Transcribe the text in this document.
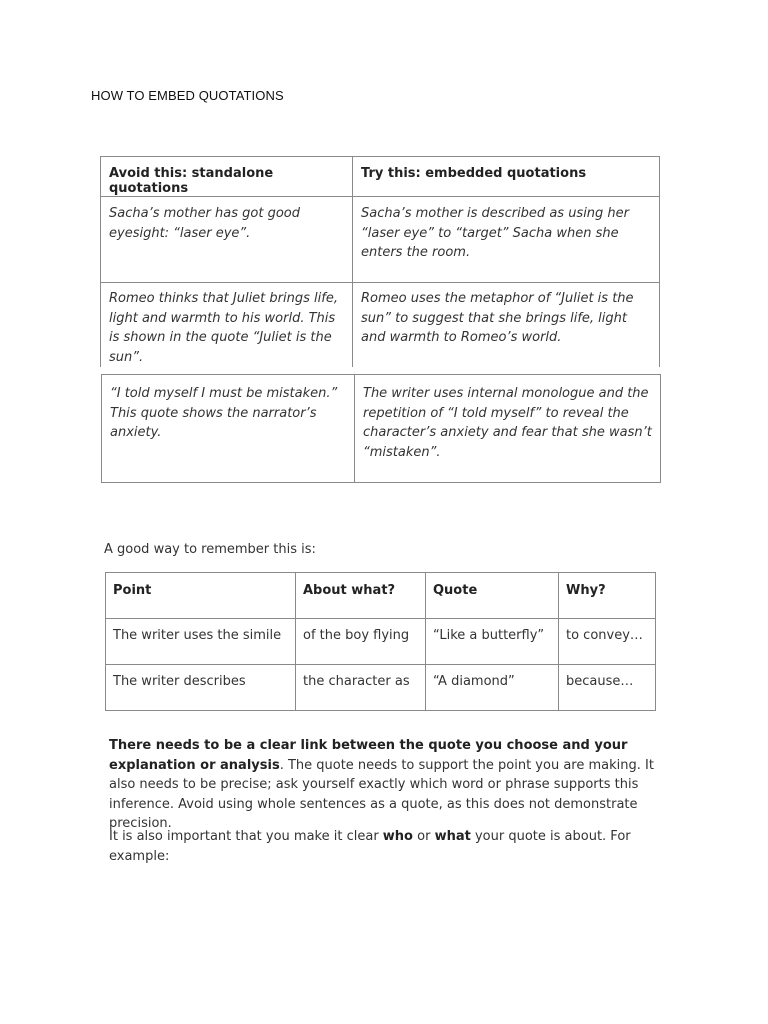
HOW TO EMBED QUOTATIONS
Avoid this: standalone quotations	Try this: embedded quotations
Sacha’s mother has got good eyesight: “laser eye”.	Sacha’s mother is described as using her “laser eye” to “target” Sacha when she enters the room.
Romeo thinks that Juliet brings life, light and warmth to his world. This is shown in the quote “Juliet is the sun”.	Romeo uses the metaphor of “Juliet is the sun” to suggest that she brings life, light and warmth to Romeo’s world.
“I told myself I must be mistaken.” This quote shows the narrator’s anxiety.	The writer uses internal monologue and the repetition of “I told myself” to reveal the character’s anxiety and fear that she wasn’t “mistaken”.
A good way to remember this is:
Point	About what?	Quote	Why?
The writer uses the simile	of the boy flying	“Like a butterfly”	to convey…
The writer describes	the character as	“A diamond”	because…

There needs to be a clear link between the quote you choose and your explanation or analysis. The quote needs to support the point you are making. It also needs to be precise; ask yourself exactly which word or phrase supports this inference. Avoid using whole sentences as a quote, as this does not demonstrate precision.

It is also important that you make it clear who or what your quote is about. For example:
